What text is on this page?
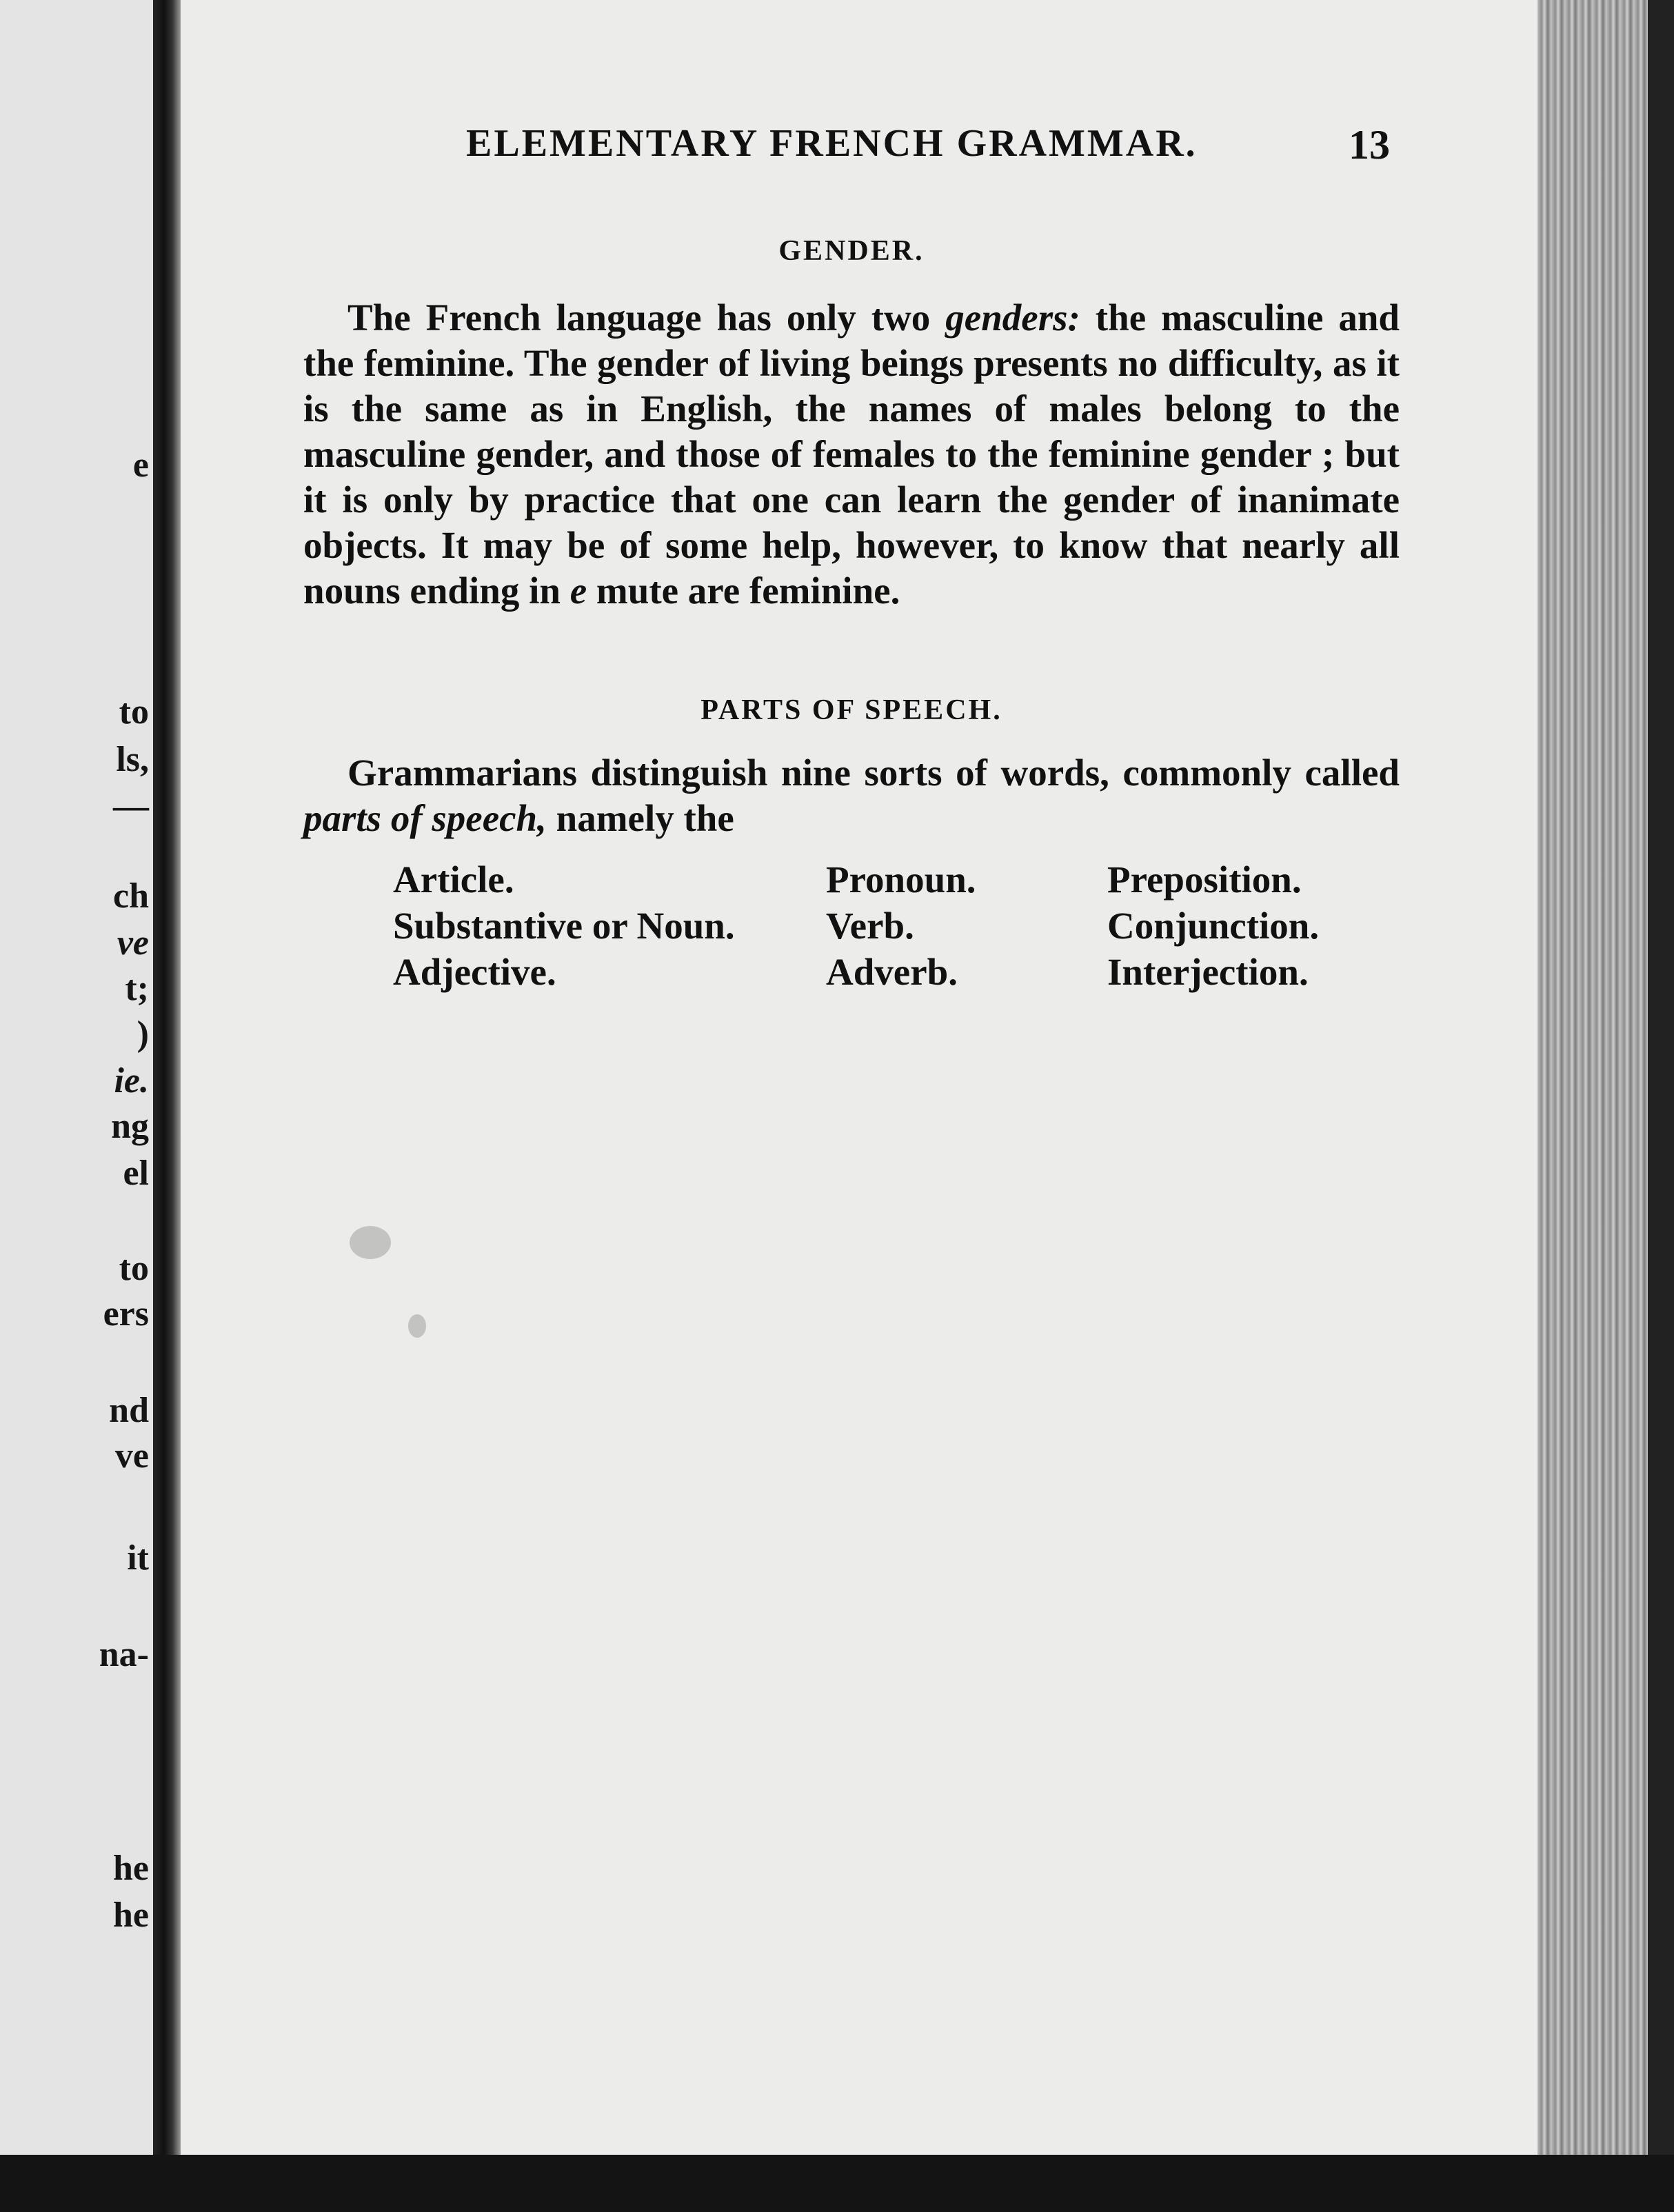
e
to
ls,
—
ch
ve
t;
)
ie.
ng
el
to
ers
nd
ve
it
na-
he
he
ELEMENTARY FRENCH GRAMMAR.	13
GENDER.

The French language has only two genders: the masculine and the feminine. The gender of living beings presents no difficulty, as it is the same as in English, the names of males belong to the masculine gender, and those of females to the feminine gender ; but it is only by practice that one can learn the gender of inanimate objects. It may be of some help, however, to know that nearly all nouns ending in e mute are feminine.

PARTS OF SPEECH.

Grammarians distinguish nine sorts of words, commonly called parts of speech, namely the

Article.	Pronoun.	Preposition.
Substantive or Noun.	Verb.	Conjunction.
Adjective.	Adverb.	Interjection.
